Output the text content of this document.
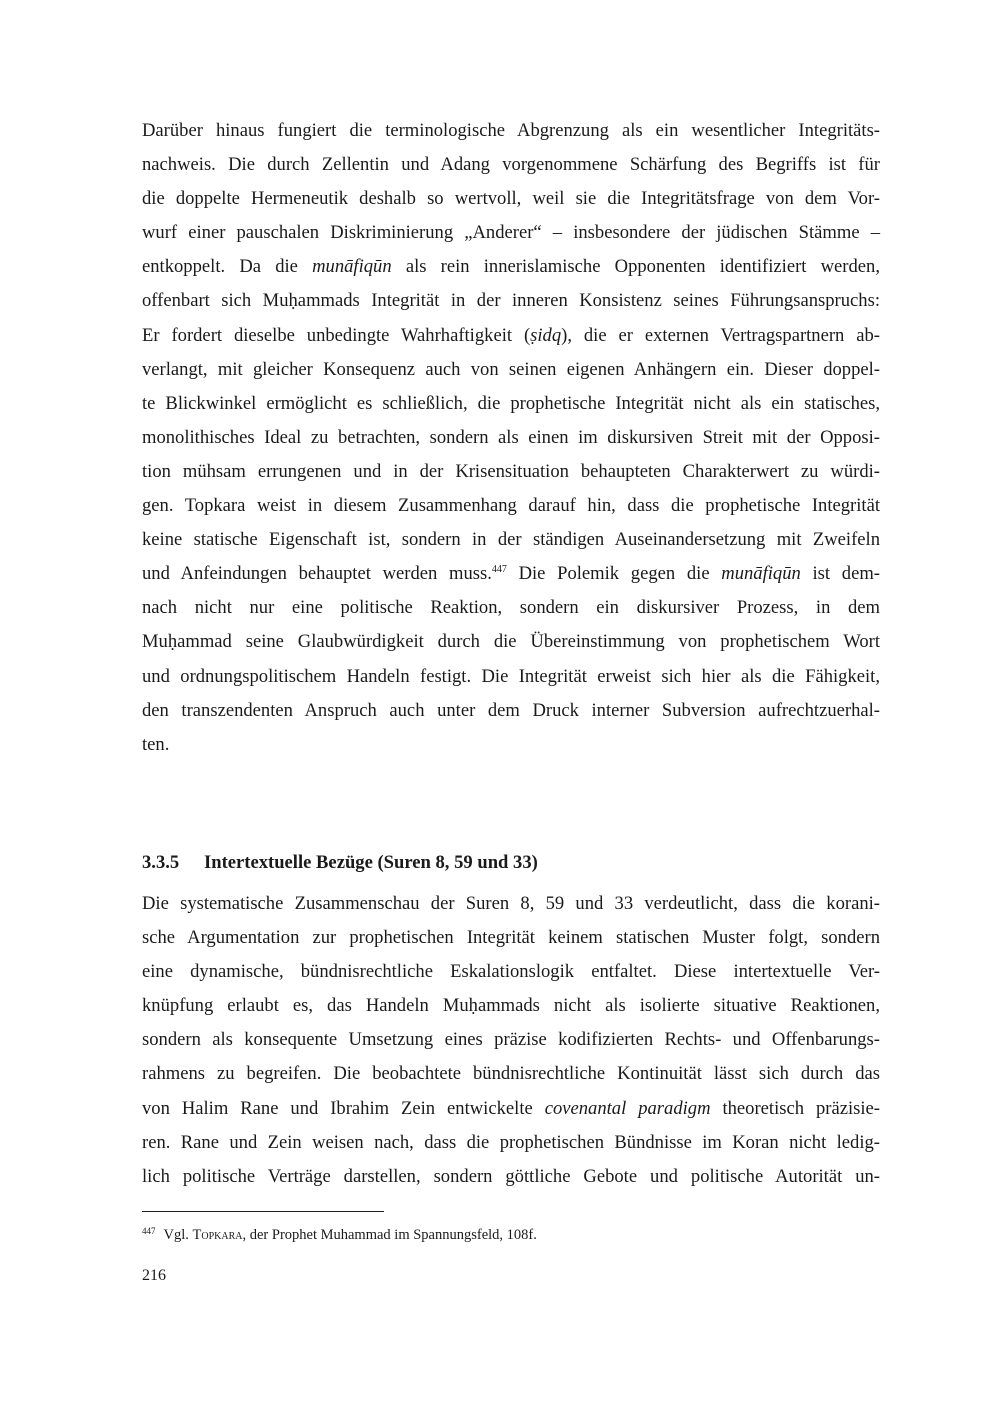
Darüber hinaus fungiert die terminologische Abgrenzung als ein wesentlicher Integritäts-
nachweis. Die durch Zellentin und Adang vorgenommene Schärfung des Begriffs ist für
die doppelte Hermeneutik deshalb so wertvoll, weil sie die Integritätsfrage von dem Vor-
wurf einer pauschalen Diskriminierung „Anderer“ – insbesondere der jüdischen Stämme –
entkoppelt. Da die munāfiqūn als rein innerislamische Opponenten identifiziert werden,
offenbart sich Muḥammads Integrität in der inneren Konsistenz seines Führungsanspruchs:
Er fordert dieselbe unbedingte Wahrhaftigkeit (ṣidq), die er externen Vertragspartnern ab-
verlangt, mit gleicher Konsequenz auch von seinen eigenen Anhängern ein. Dieser doppel-
te Blickwinkel ermöglicht es schließlich, die prophetische Integrität nicht als ein statisches,
monolithisches Ideal zu betrachten, sondern als einen im diskursiven Streit mit der Opposi-
tion mühsam errungenen und in der Krisensituation behaupteten Charakterwert zu würdi-
gen. Topkara weist in diesem Zusammenhang darauf hin, dass die prophetische Integrität
keine statische Eigenschaft ist, sondern in der ständigen Auseinandersetzung mit Zweifeln
und Anfeindungen behauptet werden muss.$^{447}$ Die Polemik gegen die munāfiqūn ist dem-
nach nicht nur eine politische Reaktion, sondern ein diskursiver Prozess, in dem
Muḥammad seine Glaubwürdigkeit durch die Übereinstimmung von prophetischem Wort
und ordnungspolitischem Handeln festigt. Die Integrität erweist sich hier als die Fähigkeit,
den transzendenten Anspruch auch unter dem Druck interner Subversion aufrechtzuerhal-
ten.
3.3.5 Intertextuelle Bezüge (Suren 8, 59 und 33)
Die systematische Zusammenschau der Suren 8, 59 und 33 verdeutlicht, dass die korani-
sche Argumentation zur prophetischen Integrität keinem statischen Muster folgt, sondern
eine dynamische, bündnisrechtliche Eskalationslogik entfaltet. Diese intertextuelle Ver-
knüpfung erlaubt es, das Handeln Muḥammads nicht als isolierte situative Reaktionen,
sondern als konsequente Umsetzung eines präzise kodifizierten Rechts- und Offenbarungs-
rahmens zu begreifen. Die beobachtete bündnisrechtliche Kontinuität lässt sich durch das
von Halim Rane und Ibrahim Zein entwickelte covenantal paradigm theoretisch präzisie-
ren. Rane und Zein weisen nach, dass die prophetischen Bündnisse im Koran nicht ledig-
lich politische Verträge darstellen, sondern göttliche Gebote und politische Autorität un-
$^{447}$ Vgl. Topkara, der Prophet Muhammad im Spannungsfeld, 108f.
216
